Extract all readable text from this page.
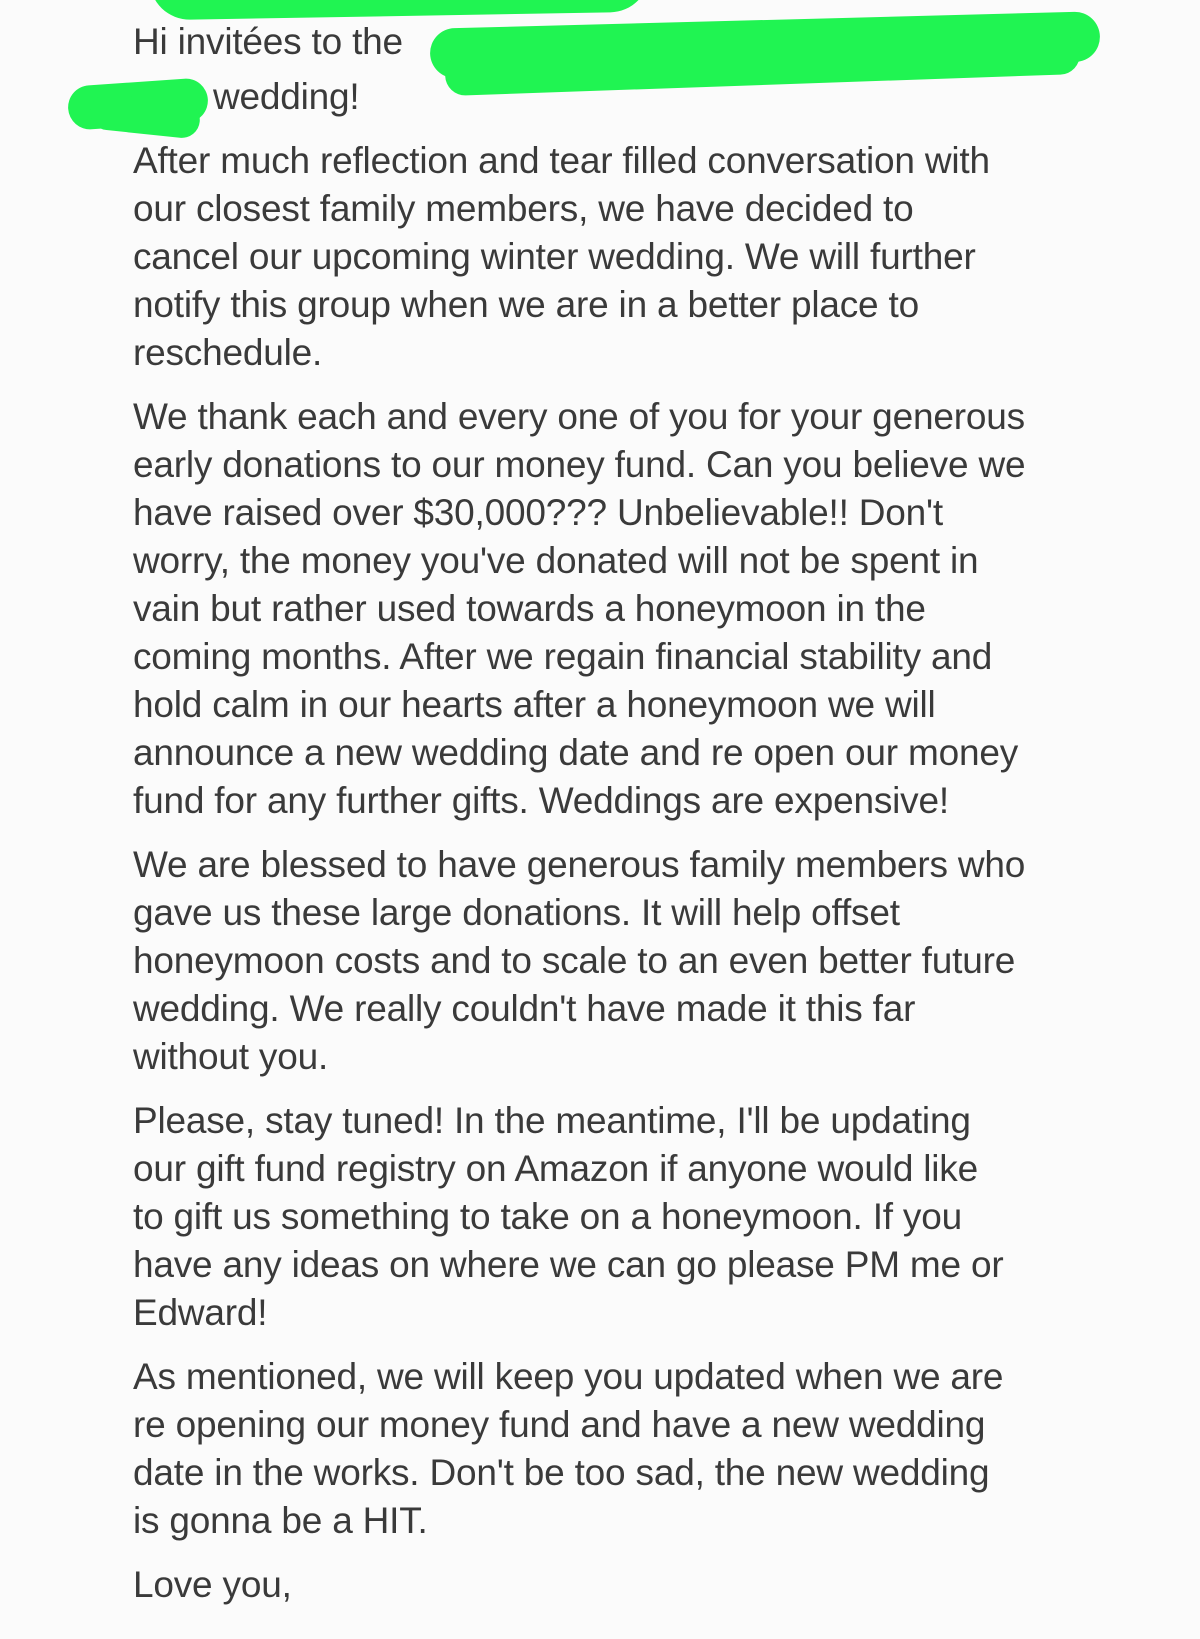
Hi invitées to the
wedding!
After much reflection and tear filled conversation with
our closest family members, we have decided to
cancel our upcoming winter wedding. We will further
notify this group when we are in a better place to
reschedule.
We thank each and every one of you for your generous
early donations to our money fund. Can you believe we
have raised over $30,000??? Unbelievable!! Don't
worry, the money you've donated will not be spent in
vain but rather used towards a honeymoon in the
coming months. After we regain financial stability and
hold calm in our hearts after a honeymoon we will
announce a new wedding date and re open our money
fund for any further gifts. Weddings are expensive!
We are blessed to have generous family members who
gave us these large donations. It will help offset
honeymoon costs and to scale to an even better future
wedding. We really couldn't have made it this far
without you.
Please, stay tuned! In the meantime, I'll be updating
our gift fund registry on Amazon if anyone would like
to gift us something to take on a honeymoon. If you
have any ideas on where we can go please PM me or
Edward!
As mentioned, we will keep you updated when we are
re opening our money fund and have a new wedding
date in the works. Don't be too sad, the new wedding
is gonna be a HIT.
Love you,
